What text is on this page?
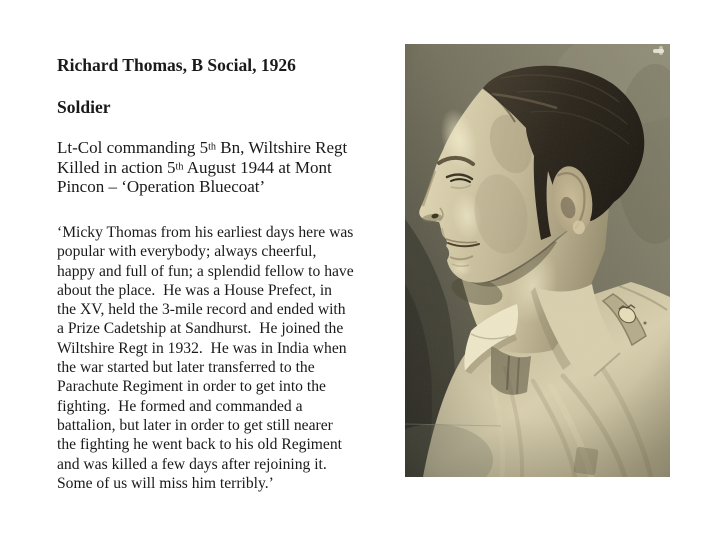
Richard Thomas, B Social, 1926
Soldier
Lt-Col commanding 5th Bn, Wiltshire Regt
Killed in action 5th August 1944 at Mont
Pincon – ‘Operation Bluecoat’
‘Micky Thomas from his earliest days here was
popular with everybody; always cheerful,
happy and full of fun; a splendid fellow to have
about the place.  He was a House Prefect, in
the XV, held the 3-mile record and ended with
a Prize Cadetship at Sandhurst.  He joined the
Wiltshire Regt in 1932.  He was in India when
the war started but later transferred to the
Parachute Regiment in order to get into the
fighting.  He formed and commanded a
battalion, but later in order to get still nearer
the fighting he went back to his old Regiment
and was killed a few days after rejoining it.
Some of us will miss him terribly.’
